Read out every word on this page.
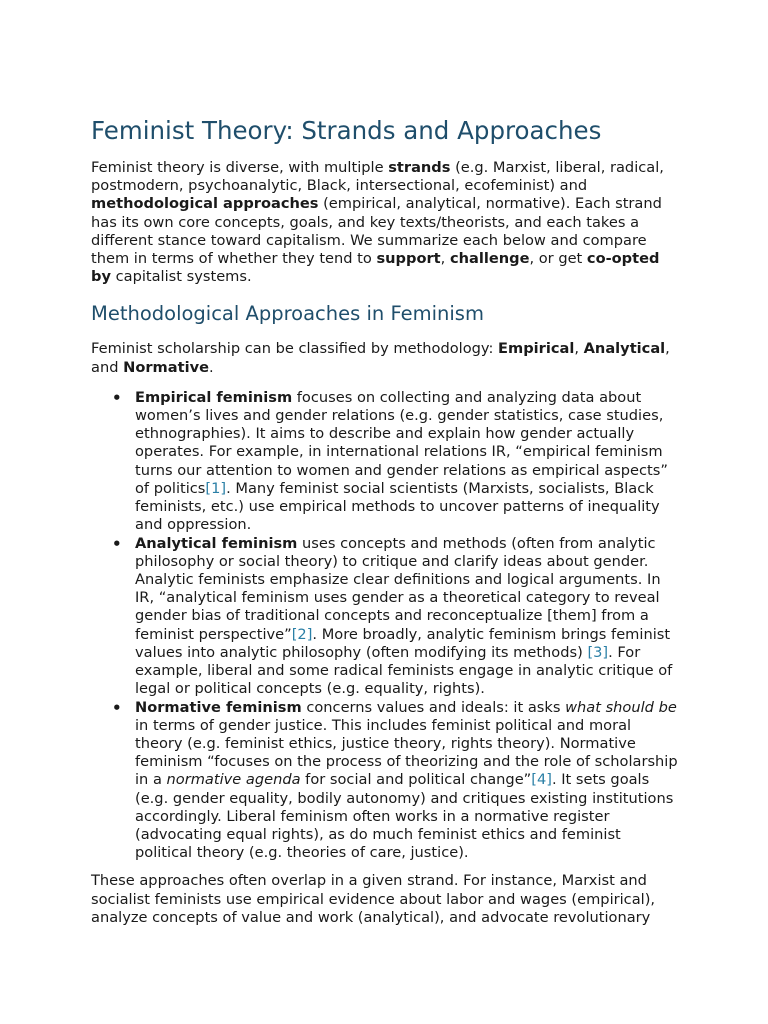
Feminist Theory: Strands and Approaches

Feminist theory is diverse, with multiple strands (e.g. Marxist, liberal, radical, postmodern, psychoanalytic, Black, intersectional, ecofeminist) and methodological approaches (empirical, analytical, normative). Each strand has its own core concepts, goals, and key texts/theorists, and each takes a different stance toward capitalism. We summarize each below and compare them in terms of whether they tend to support, challenge, or get co-opted by capitalist systems.

Methodological Approaches in Feminism

Feminist scholarship can be classified by methodology: Empirical, Analytical, and Normative.

• Empirical feminism focuses on collecting and analyzing data about women’s lives and gender relations (e.g. gender statistics, case studies, ethnographies). It aims to describe and explain how gender actually operates. For example, in international relations IR, “empirical feminism turns our attention to women and gender relations as empirical aspects” of politics[1]. Many feminist social scientists (Marxists, socialists, Black feminists, etc.) use empirical methods to uncover patterns of inequality and oppression.
• Analytical feminism uses concepts and methods (often from analytic philosophy or social theory) to critique and clarify ideas about gender. Analytic feminists emphasize clear definitions and logical arguments. In IR, “analytical feminism uses gender as a theoretical category to reveal gender bias of traditional concepts and reconceptualize [them] from a feminist perspective”[2]. More broadly, analytic feminism brings feminist values into analytic philosophy (often modifying its methods) [3]. For example, liberal and some radical feminists engage in analytic critique of legal or political concepts (e.g. equality, rights).
• Normative feminism concerns values and ideals: it asks what should be in terms of gender justice. This includes feminist political and moral theory (e.g. feminist ethics, justice theory, rights theory). Normative feminism “focuses on the process of theorizing and the role of scholarship in a normative agenda for social and political change”[4]. It sets goals (e.g. gender equality, bodily autonomy) and critiques existing institutions accordingly. Liberal feminism often works in a normative register (advocating equal rights), as do much feminist ethics and feminist political theory (e.g. theories of care, justice).

These approaches often overlap in a given strand. For instance, Marxist and socialist feminists use empirical evidence about labor and wages (empirical), analyze concepts of value and work (analytical), and advocate revolutionary
